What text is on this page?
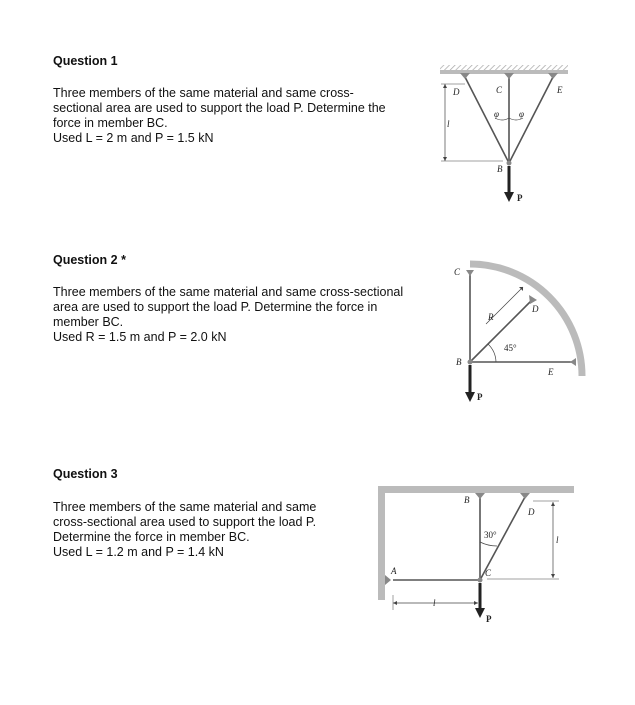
Question 1

Three members of the same material and same cross-
sectional area are used to support the load P. Determine the
force in member BC.
Used L = 2 m and P = 1.5 kN
D	C	E
B
P
l
φ φ

Question 2 *

Three members of the same material and same cross-sectional
area are used to support the load P. Determine the force in
member BC.
Used R = 1.5 m and P = 2.0 kN
C
D
R
45°
B
E
P

Question 3

Three members of the same material and same
cross-sectional area used to support the load P.
Determine the force in member BC.
Used L = 1.2 m and P = 1.4 kN
B
D
30°
A	C
l
l
P
